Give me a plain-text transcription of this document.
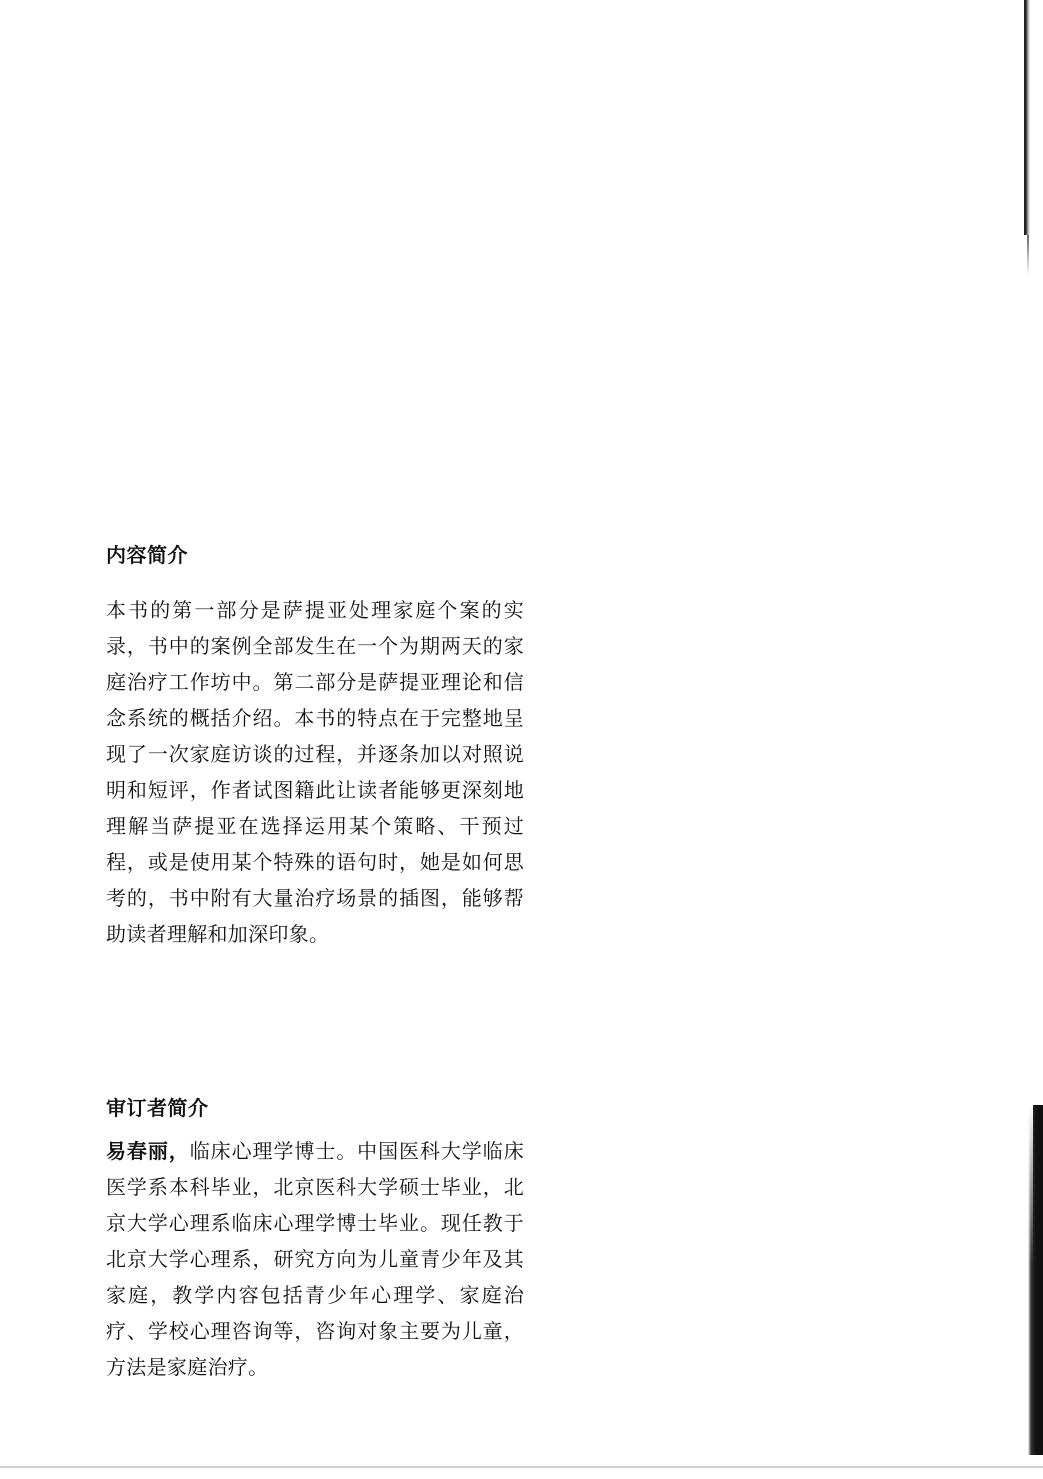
内容简介

本书的第一部分是萨提亚处理家庭个案的实录，书中的案例全部发生在一个为期两天的家庭治疗工作坊中。第二部分是萨提亚理论和信念系统的概括介绍。本书的特点在于完整地呈现了一次家庭访谈的过程，并逐条加以对照说明和短评，作者试图籍此让读者能够更深刻地理解当萨提亚在选择运用某个策略、干预过程，或是使用某个特殊的语句时，她是如何思考的，书中附有大量治疗场景的插图，能够帮助读者理解和加深印象。

审订者简介

易春丽，临床心理学博士。中国医科大学临床医学系本科毕业，北京医科大学硕士毕业，北京大学心理系临床心理学博士毕业。现任教于北京大学心理系，研究方向为儿童青少年及其家庭，教学内容包括青少年心理学、家庭治疗、学校心理咨询等，咨询对象主要为儿童，方法是家庭治疗。
